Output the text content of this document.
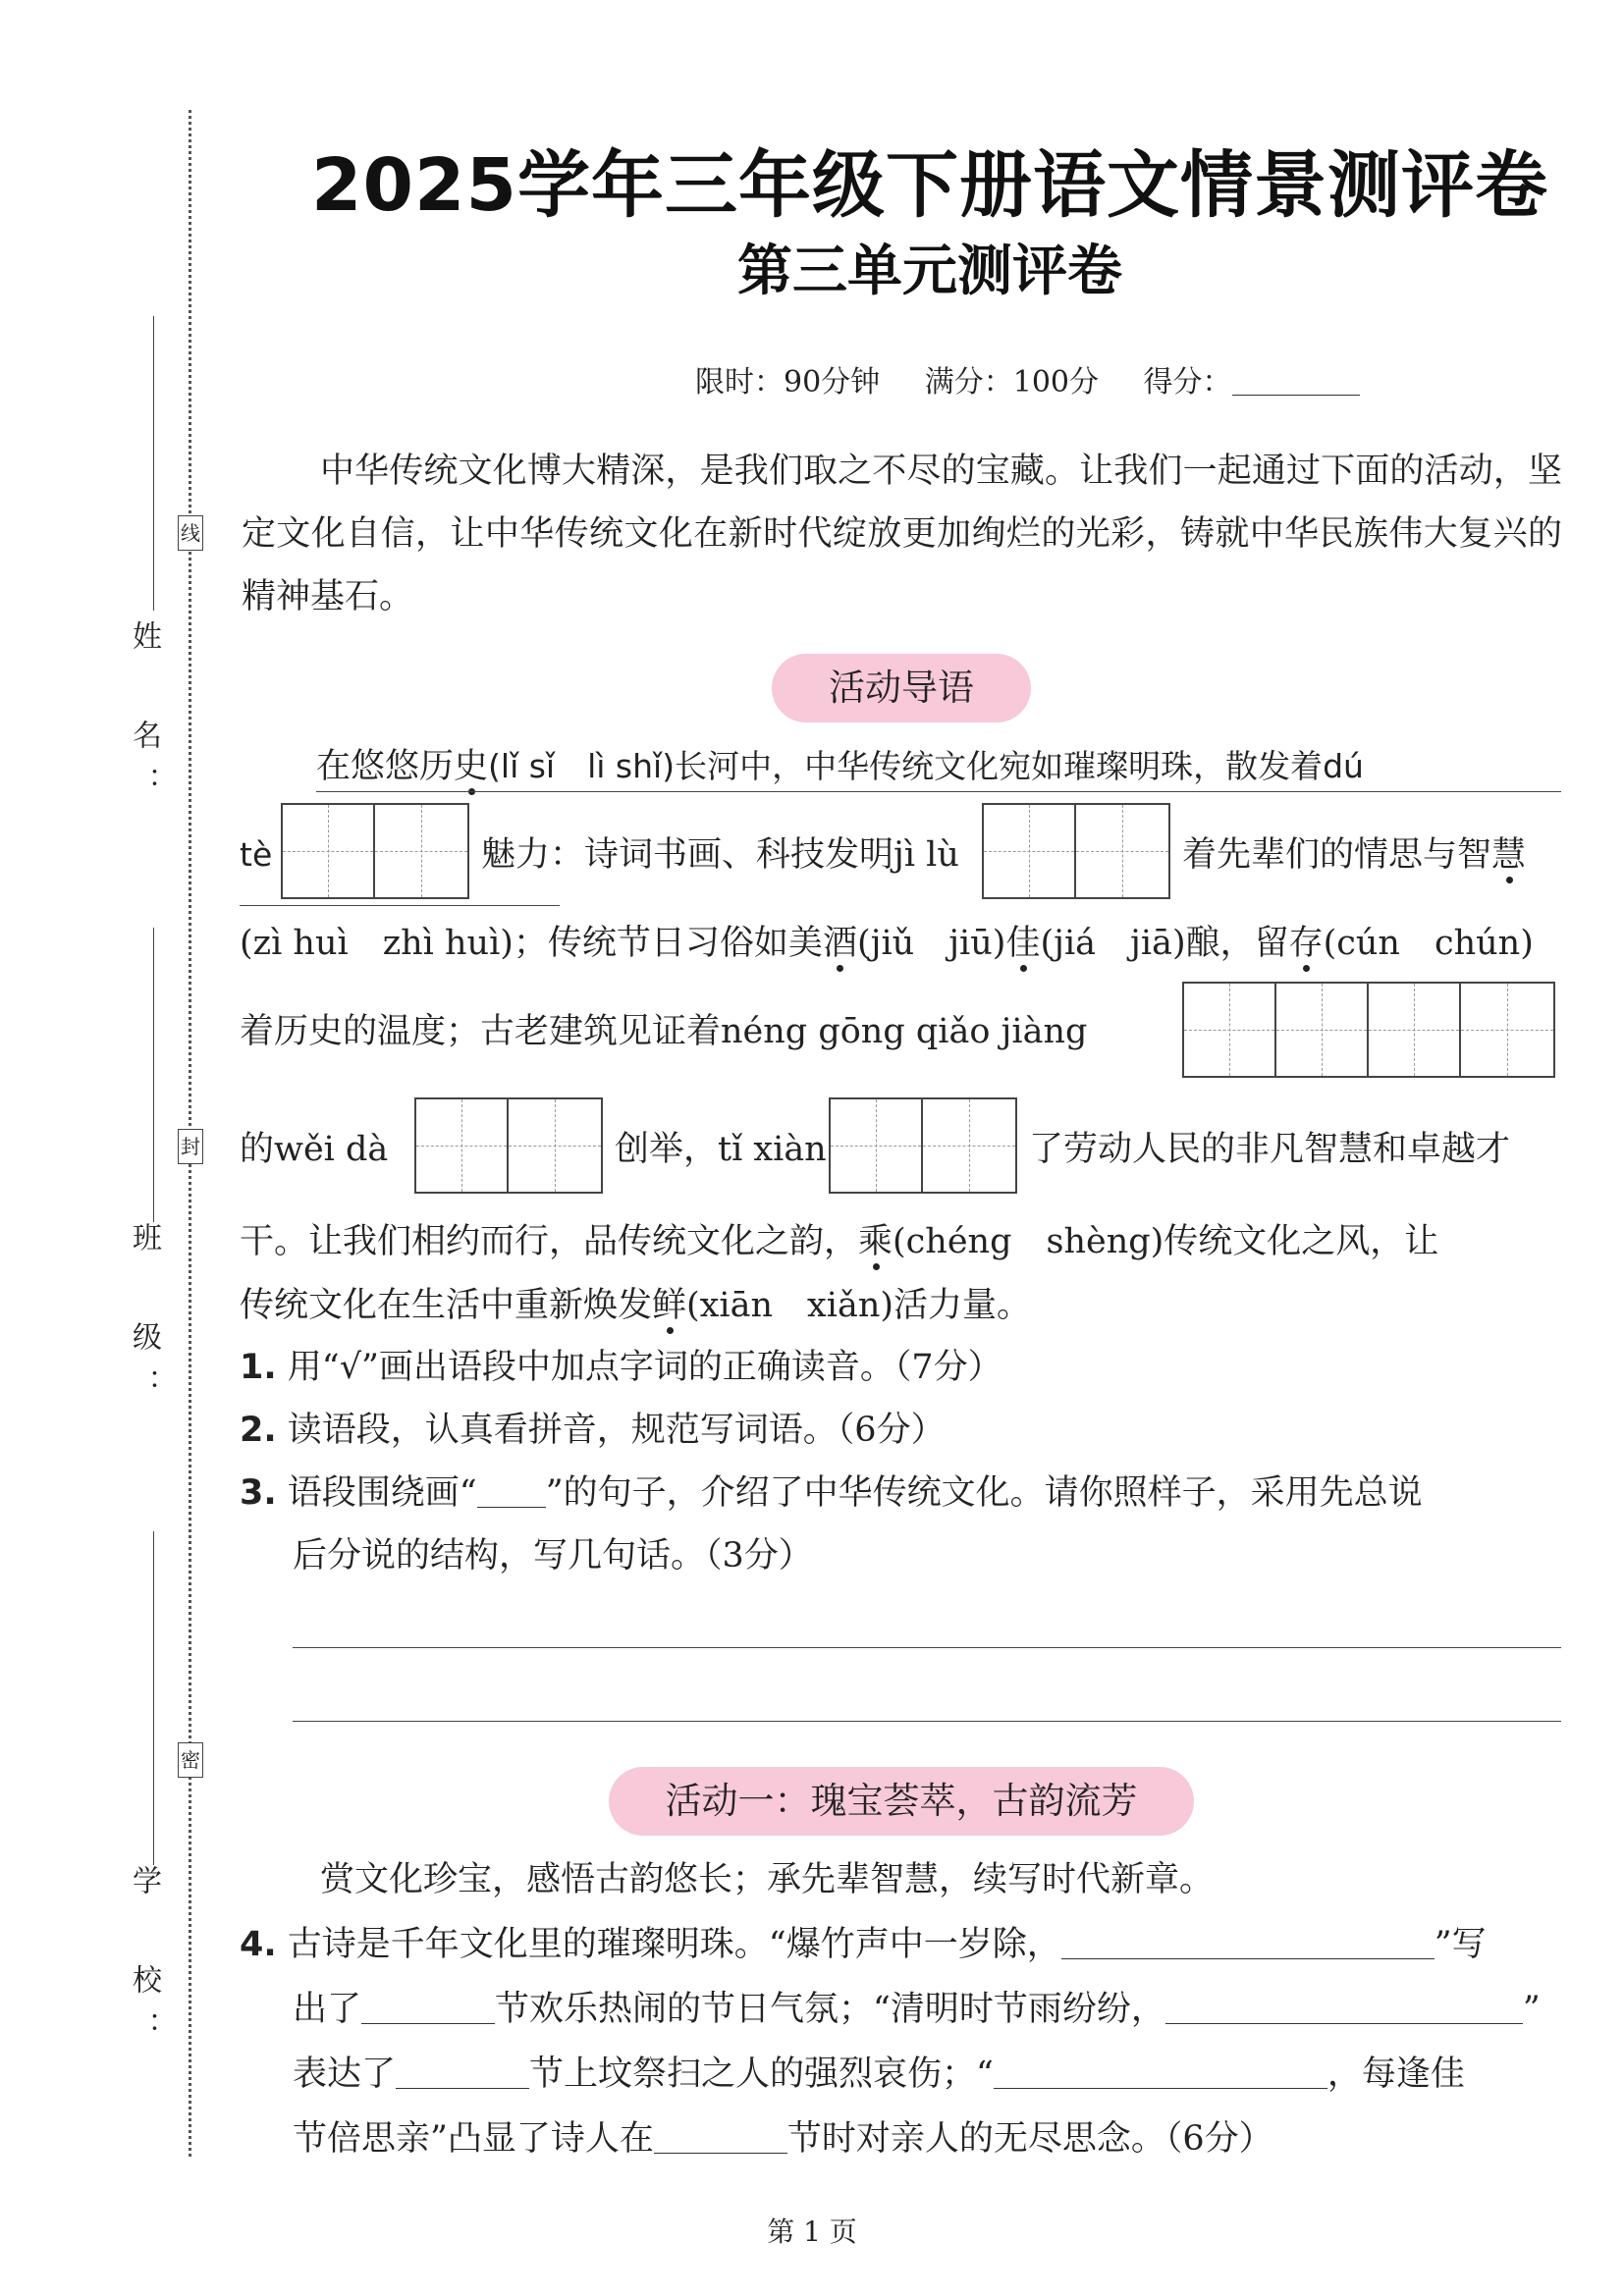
姓 名：
班 级：
学 校：
线
封
密
2025学年三年级下册语文情景测评卷
第三单元测评卷
限时：90分钟 满分：100分 得分：
中华传统文化博大精深，是我们取之不尽的宝藏。让我们一起通过下面的活动，坚定文化自信，让中华传统文化在新时代绽放更加绚烂的光彩，铸就中华民族伟大复兴的精神基石。
活动导语
在悠悠历史(lǐ sǐ　lì shǐ)长河中，中华传统文化宛如璀璨明珠，散发着dú
tè	魅力：诗词书画、科技发明jì lù	着先辈们的情思与智慧
(zì huì　zhì huì)；传统节日习俗如美酒(jiǔ　jiū)佳(jiá　jiā)酿，留存(cún　chún)
着历史的温度；古老建筑见证着néng gōng qiǎo jiàng
的wěi dà	创举，tǐ xiàn	了劳动人民的非凡智慧和卓越才
干。让我们相约而行，品传统文化之韵，乘(chéng　shèng)传统文化之风，让
传统文化在生活中重新焕发鲜(xiān　xiǎn)活力量。
1. 用“√”画出语段中加点字词的正确读音。（7分）
2. 读语段，认真看拼音，规范写词语。（6分）
3. 语段围绕画“ ”的句子，介绍了中华传统文化。请你照样子，采用先总说
后分说的结构，写几句话。（3分）
活动一：瑰宝荟萃，古韵流芳
赏文化珍宝，感悟古韵悠长；承先辈智慧，续写时代新章。
4. 古诗是千年文化里的璀璨明珠。“爆竹声中一岁除，	”写
出了	节欢乐热闹的节日气氛；“清明时节雨纷纷，	”
表达了	节上坟祭扫之人的强烈哀伤；“	，每逢佳
节倍思亲”凸显了诗人在	节时对亲人的无尽思念。（6分）
第 1 页
